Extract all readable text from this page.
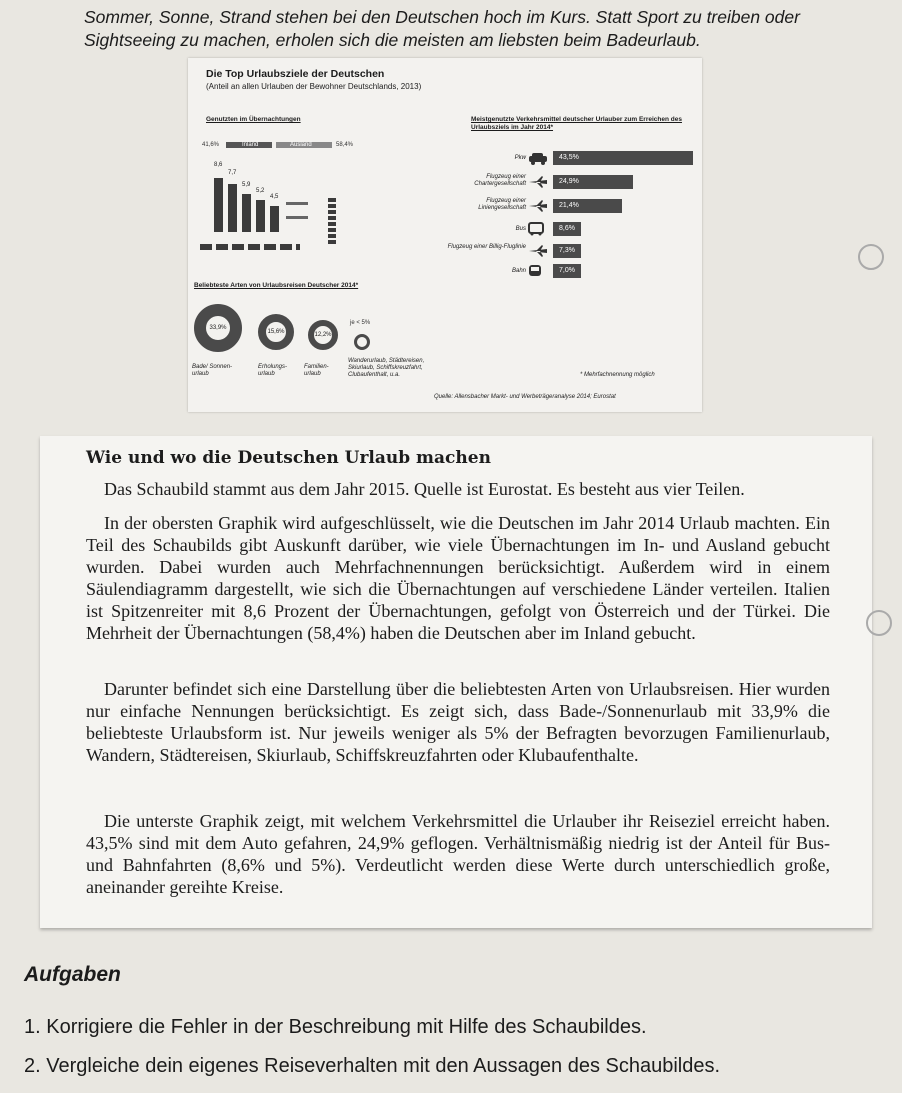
Sommer, Sonne, Strand stehen bei den Deutschen hoch im Kurs. Statt Sport zu treiben oder Sightseeing zu machen, erholen sich die meisten am liebsten beim Badeurlaub.
Die Top Urlaubsziele der Deutschen
(Anteil an allen Urlauben der Bewohner Deutschlands, 2013)
Genutzten im Übernachtungen
41,6%	Inland	Ausland	58,4%
8,6
7,7
5,9
5,2
4,5
Meistgenutzte Verkehrsmittel deutscher Urlauber zum Erreichen des Urlaubsziels im Jahr 2014*
Pkw	43,5%
Flugzeug einer Chartergesellschaft	24,9%
Flugzeug einer Liniengesellschaft	21,4%
Bus	8,6%
Flugzeug einer Billig-Fluglinie	7,3%
Bahn	7,0%
Beliebteste Arten von Urlaubsreisen Deutscher 2014*
33,9%
15,6%	12,2%
je < 5%
Bade/ Sonnen-urlaub
Erholungs-urlaub
Familien-urlaub
Wanderurlaub, Städtereisen, Skiurlaub, Schiffskreuzfahrt, Clubaufenthalt, u.a.	* Mehrfachnennung möglich
Quelle: Allensbacher Markt- und Werbeträgeranalyse 2014; Eurostat
Wie und wo die Deutschen Urlaub machen
Das Schaubild stammt aus dem Jahr 2015. Quelle ist Eurostat. Es besteht aus vier Teilen.
In der obersten Graphik wird aufgeschlüsselt, wie die Deutschen im Jahr 2014 Urlaub machten. Ein Teil des Schaubilds gibt Auskunft darüber, wie viele Übernachtungen im In- und Ausland gebucht wurden. Dabei wurden auch Mehrfachnennungen berücksichtigt. Außerdem wird in einem Säulendiagramm dargestellt, wie sich die Übernachtungen auf verschiedene Länder verteilen. Italien ist Spitzenreiter mit 8,6 Prozent der Übernachtungen, gefolgt von Österreich und der Türkei. Die Mehrheit der Übernachtungen (58,4%) haben die Deutschen aber im Inland gebucht.
Darunter befindet sich eine Darstellung über die beliebtesten Arten von Urlaubsreisen. Hier wurden nur einfache Nennungen berücksichtigt. Es zeigt sich, dass Bade-/Sonnenurlaub mit 33,9% die beliebteste Urlaubsform ist. Nur jeweils weniger als 5% der Befragten bevorzugen Familienurlaub, Wandern, Städtereisen, Skiurlaub, Schiffskreuzfahrten oder Klubaufenthalte.
Die unterste Graphik zeigt, mit welchem Verkehrsmittel die Urlauber ihr Reiseziel erreicht haben. 43,5% sind mit dem Auto gefahren, 24,9% geflogen. Verhältnismäßig niedrig ist der Anteil für Bus- und Bahnfahrten (8,6% und 5%). Verdeutlicht werden diese Werte durch unterschiedlich große, aneinander gereihte Kreise.
Aufgaben
1. Korrigiere die Fehler in der Beschreibung mit Hilfe des Schaubildes.
2. Vergleiche dein eigenes Reiseverhalten mit den Aussagen des Schaubildes.
